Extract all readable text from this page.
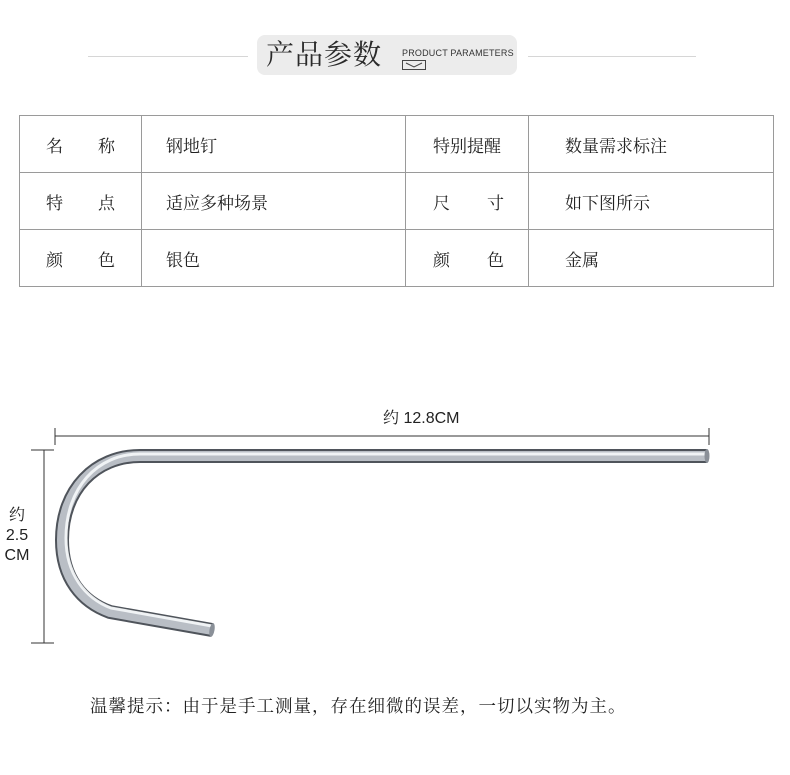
产品参数 PRODUCT PARAMETERS
名称	钢地钉	特别提醒	数量需求标注
特点	适应多种场景	尺寸	如下图所示
颜色	银色	颜色	金属
约 12.8CM
约
2.5
CM
温馨提示：由于是手工测量，存在细微的误差，一切以实物为主。
